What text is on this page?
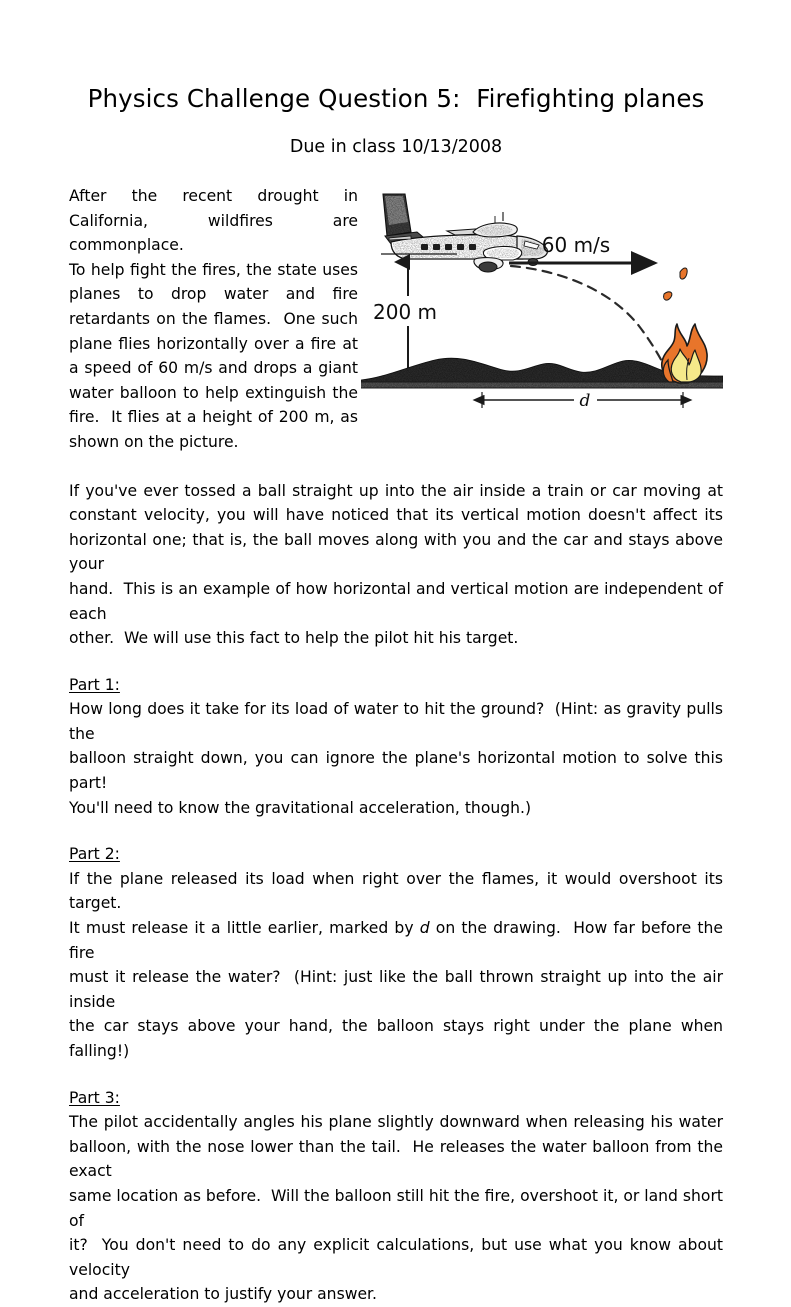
Physics Challenge Question 5:  Firefighting planes
Due in class 10/13/2008
After the recent drought in
California, wildfires are commonplace.
To help fight the fires, the state uses
planes to drop water and fire
retardants on the flames.  One such
plane flies horizontally over a fire at
a speed of 60 m/s and drops a giant
water balloon to help extinguish the
fire.  It flies at a height of 200 m, as
shown on the picture.
60 m/s
200 m
d
If you've ever tossed a ball straight up into the air inside a train or car moving at
constant velocity, you will have noticed that its vertical motion doesn't affect its
horizontal one; that is, the ball moves along with you and the car and stays above your
hand.  This is an example of how horizontal and vertical motion are independent of each
other.  We will use this fact to help the pilot hit his target.
Part 1:
How long does it take for its load of water to hit the ground?  (Hint: as gravity pulls the
balloon straight down, you can ignore the plane's horizontal motion to solve this part!
You'll need to know the gravitational acceleration, though.)
Part 2:
If the plane released its load when right over the flames, it would overshoot its target.
It must release it a little earlier, marked by d on the drawing.  How far before the fire
must it release the water?  (Hint: just like the ball thrown straight up into the air inside
the car stays above your hand, the balloon stays right under the plane when falling!)
Part 3:
The pilot accidentally angles his plane slightly downward when releasing his water
balloon, with the nose lower than the tail.  He releases the water balloon from the exact
same location as before.  Will the balloon still hit the fire, overshoot it, or land short of
it?  You don't need to do any explicit calculations, but use what you know about velocity
and acceleration to justify your answer.
